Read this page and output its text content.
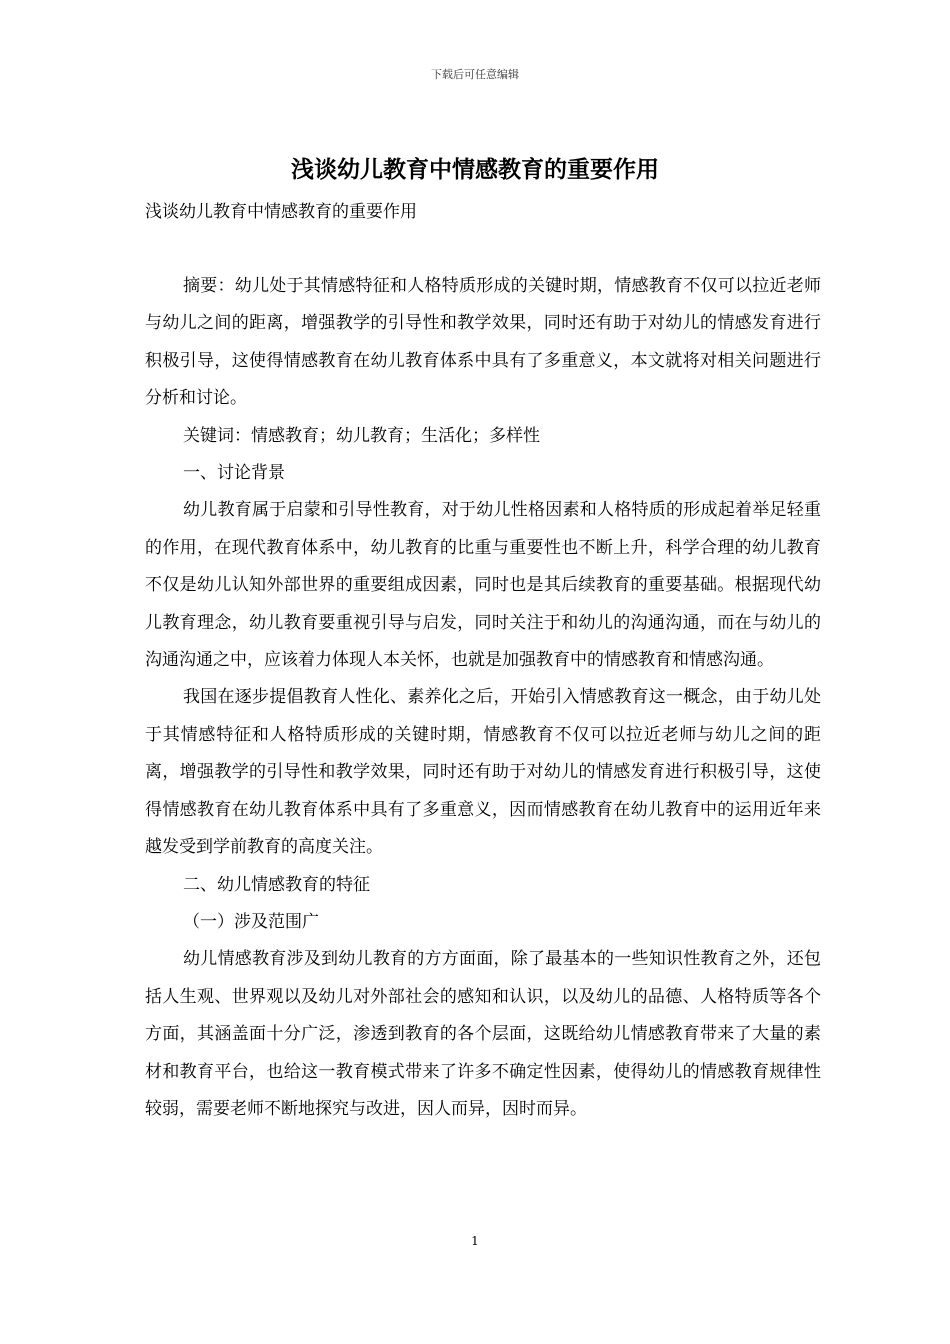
下载后可任意编辑
浅谈幼儿教育中情感教育的重要作用

浅谈幼儿教育中情感教育的重要作用

摘要：幼儿处于其情感特征和人格特质形成的关键时期，情感教育不仅可以拉近老师与幼儿之间的距离，增强教学的引导性和教学效果，同时还有助于对幼儿的情感发育进行积极引导，这使得情感教育在幼儿教育体系中具有了多重意义，本文就将对相关问题进行分析和讨论。

关键词：情感教育；幼儿教育；生活化；多样性

一、讨论背景

幼儿教育属于启蒙和引导性教育，对于幼儿性格因素和人格特质的形成起着举足轻重的作用，在现代教育体系中，幼儿教育的比重与重要性也不断上升，科学合理的幼儿教育不仅是幼儿认知外部世界的重要组成因素，同时也是其后续教育的重要基础。根据现代幼儿教育理念，幼儿教育要重视引导与启发，同时关注于和幼儿的沟通沟通，而在与幼儿的沟通沟通之中，应该着力体现人本关怀，也就是加强教育中的情感教育和情感沟通。

我国在逐步提倡教育人性化、素养化之后，开始引入情感教育这一概念，由于幼儿处于其情感特征和人格特质形成的关键时期，情感教育不仅可以拉近老师与幼儿之间的距离，增强教学的引导性和教学效果，同时还有助于对幼儿的情感发育进行积极引导，这使得情感教育在幼儿教育体系中具有了多重意义，因而情感教育在幼儿教育中的运用近年来越发受到学前教育的高度关注。

二、幼儿情感教育的特征

（一）涉及范围广

幼儿情感教育涉及到幼儿教育的方方面面，除了最基本的一些知识性教育之外，还包括人生观、世界观以及幼儿对外部社会的感知和认识，以及幼儿的品德、人格特质等各个方面，其涵盖面十分广泛，渗透到教育的各个层面，这既给幼儿情感教育带来了大量的素材和教育平台，也给这一教育模式带来了许多不确定性因素，使得幼儿的情感教育规律性较弱，需要老师不断地探究与改进，因人而异，因时而异。

1
